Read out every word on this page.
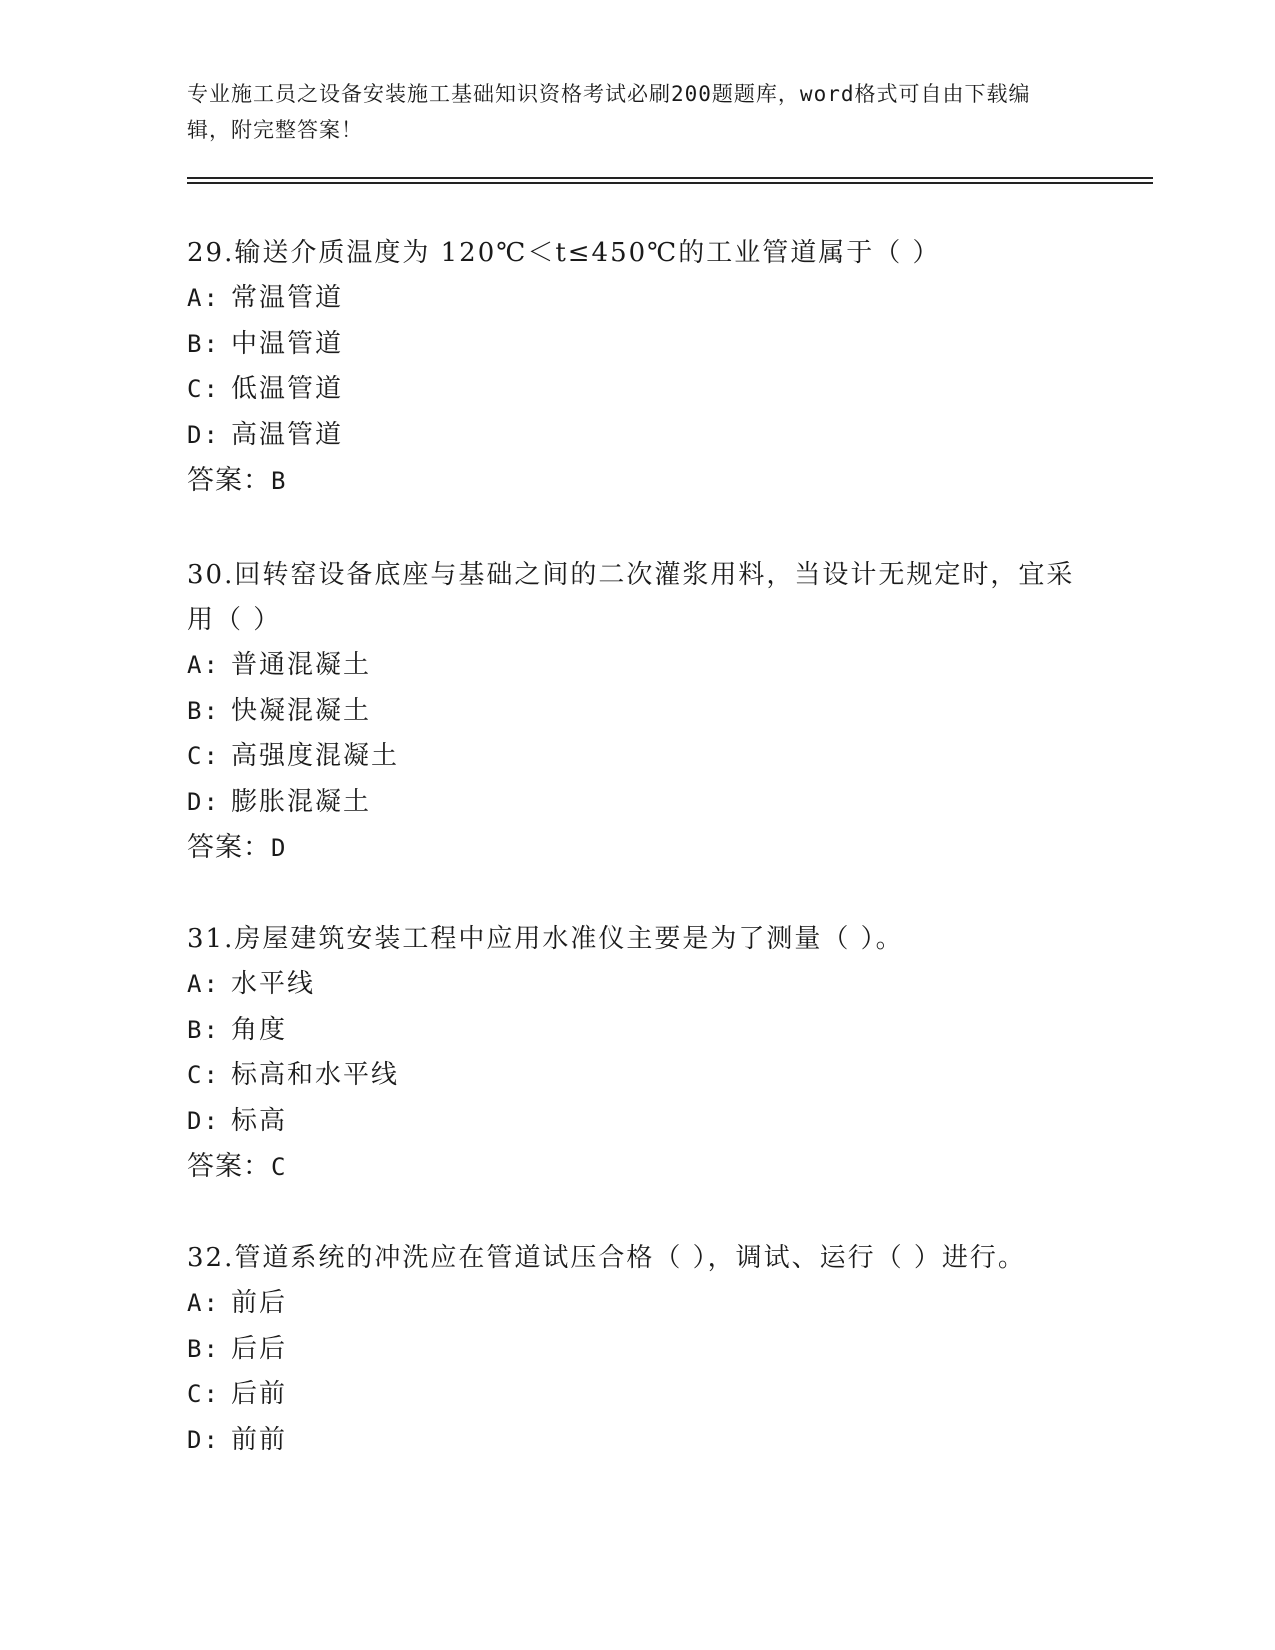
专业施工员之设备安装施工基础知识资格考试必刷200题题库，word格式可自由下载编辑，附完整答案！
29.输送介质温度为 120℃＜t≤450℃的工业管道属于（ ）
A: 常温管道
B: 中温管道
C: 低温管道
D: 高温管道
答案：B
30.回转窑设备底座与基础之间的二次灌浆用料，当设计无规定时，宜采用（ ）
A: 普通混凝土
B: 快凝混凝土
C: 高强度混凝土
D: 膨胀混凝土
答案：D
31.房屋建筑安装工程中应用水准仪主要是为了测量（ ）。
A: 水平线
B: 角度
C: 标高和水平线
D: 标高
答案：C
32.管道系统的冲洗应在管道试压合格（ ），调试、运行（ ）进行。
A: 前后
B: 后后
C: 后前
D: 前前
